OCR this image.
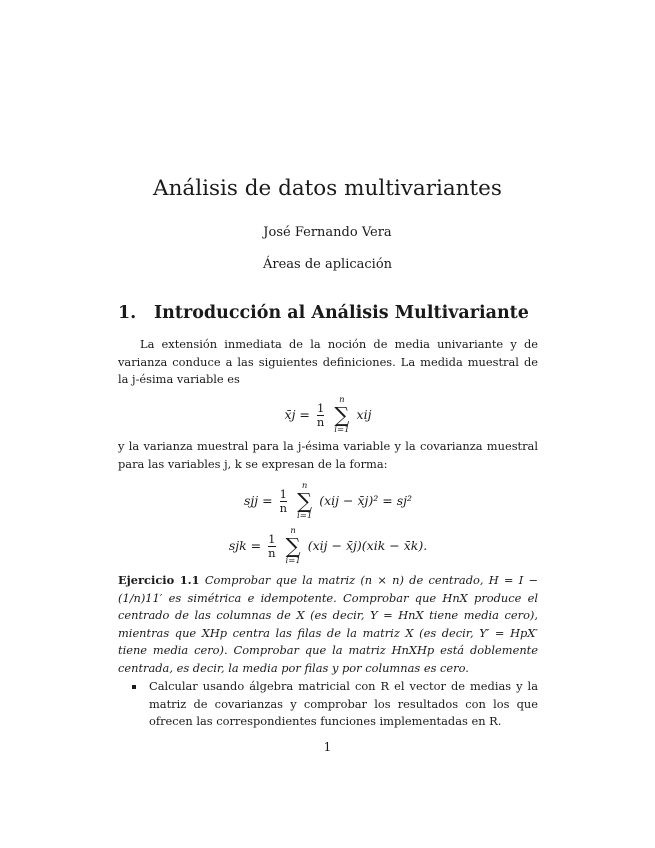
Análisis de datos multivariantes
José Fernando Vera
Áreas de aplicación
1. Introducción al Análisis Multivariante
La extensión inmediata de la noción de media univariante y de varianza conduce a las siguientes definiciones. La medida muestral de la j-ésima variable es
x̄j = $\frac{1}{n}$

n
∑
i=1
xij
y la varianza muestral para la j-ésima variable y la covarianza muestral para las variables j, k se expresan de la forma:
sjj = $\frac{1}{n}$

n
∑
i=1
(xij − x̄j)² = sj²
sjk = $\frac{1}{n}$

n
∑
i=1
(xij − x̄j)(xik − x̄k).
Ejercicio 1.1 Comprobar que la matriz (n × n) de centrado, H = I − (1/n)11′ es simétrica e idempotente. Comprobar que HnX produce el centrado de las columnas de X (es decir, Y = HnX tiene media cero), mientras que XHp centra las filas de la matriz X (es decir, Y′ = HpX′ tiene media cero). Comprobar que la matriz HnXHp está doblemente centrada, es decir, la media por filas y por columnas es cero.
Calcular usando álgebra matricial con R el vector de medias y la matriz de covarianzas y comprobar los resultados con los que ofrecen las correspondientes funciones implementadas en R.
1
